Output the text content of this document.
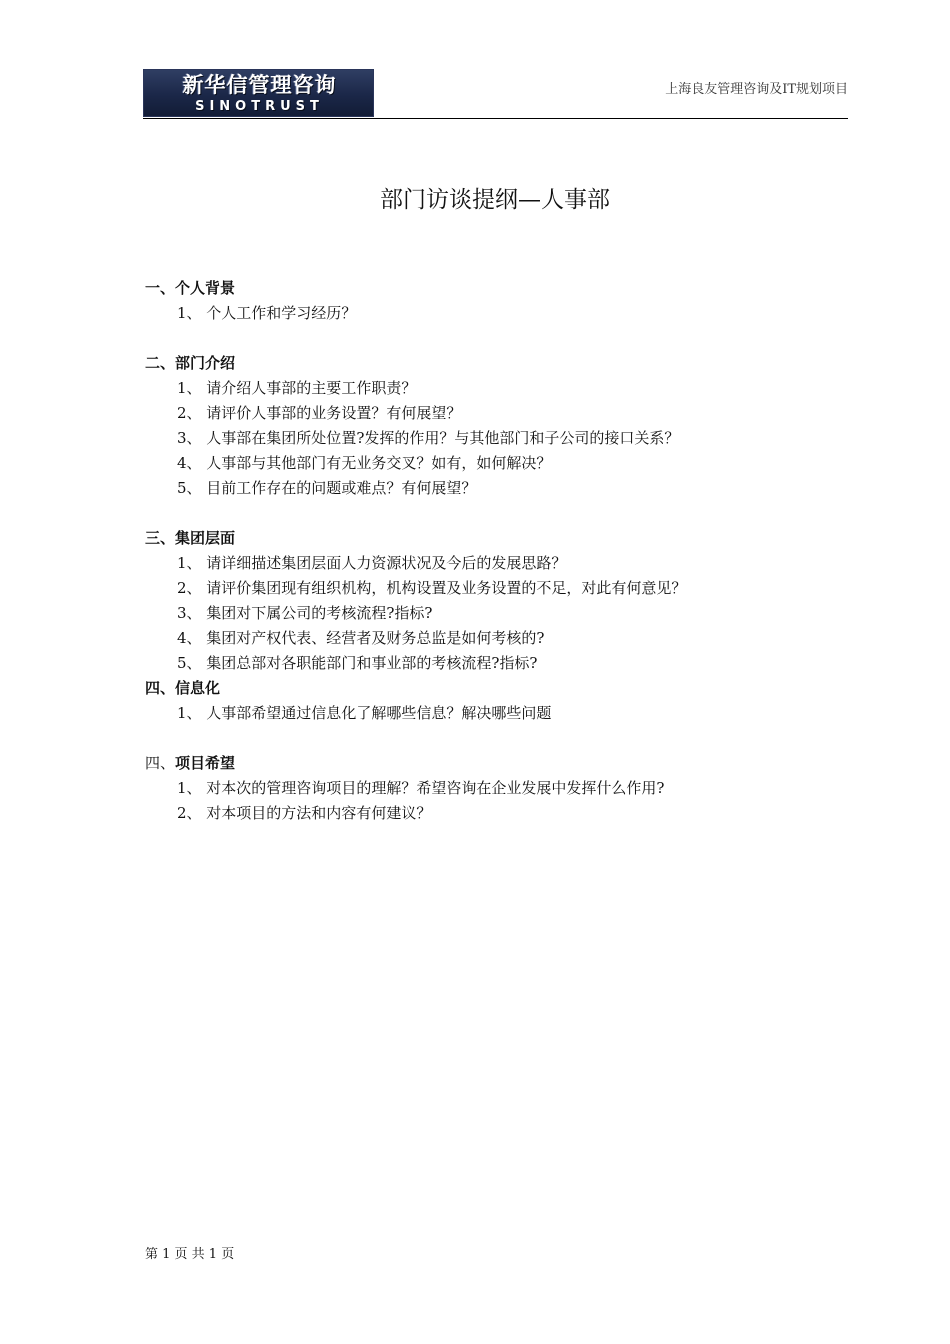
新华信管理咨询
SINOTRUST
上海良友管理咨询及IT规划项目
部门访谈提纲—人事部
一、个人背景
1、 个人工作和学习经历？
二、部门介绍
1、 请介绍人事部的主要工作职责？
2、 请评价人事部的业务设置？有何展望？
3、 人事部在集团所处位置?发挥的作用？与其他部门和子公司的接口关系？
4、 人事部与其他部门有无业务交叉？如有，如何解决？
5、 目前工作存在的问题或难点？有何展望？
三、集团层面
1、 请详细描述集团层面人力资源状况及今后的发展思路？
2、 请评价集团现有组织机构，机构设置及业务设置的不足，对此有何意见？
3、 集团对下属公司的考核流程?指标?
4、 集团对产权代表、经营者及财务总监是如何考核的?
5、 集团总部对各职能部门和事业部的考核流程?指标?
四、信息化
1、 人事部希望通过信息化了解哪些信息？解决哪些问题
四、项目希望
1、 对本次的管理咨询项目的理解？希望咨询在企业发展中发挥什么作用?
2、 对本项目的方法和内容有何建议？
第 1 页 共 1 页
